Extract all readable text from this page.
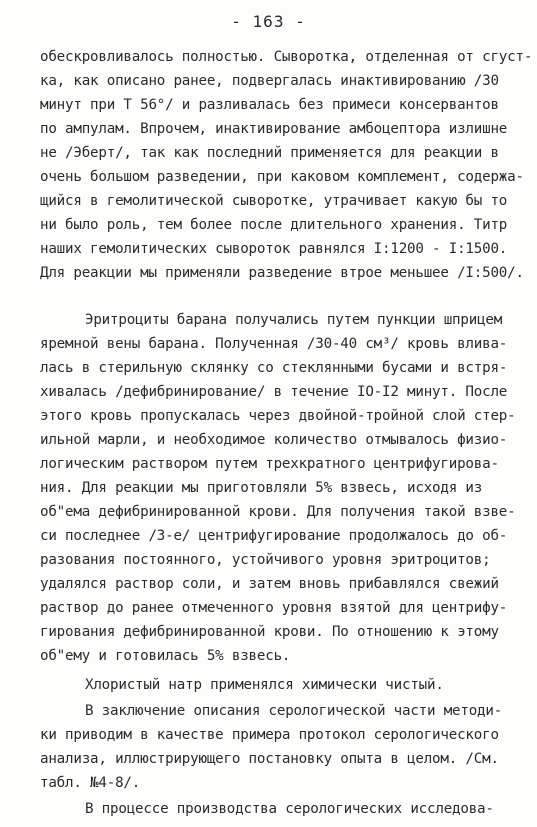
- 163 -
обескровливалось полностью. Сыворотка, отделенная от сгуст-
ка, как описано ранее, подвергалась инактивированию /30
минут при Т 56°/ и разливалась без примеси консервантов
по ампулам. Впрочем, инактивирование амбоцептора излишне
не /Эберт/, так как последний применяется для реакции в
очень большом разведении, при каковом комплемент, содержа-
щийся в гемолитической сыворотке, утрачивает какую бы то
ни было роль, тем более после длительного хранения. Титр
наших гемолитических сывороток равнялся I:1200 - I:1500.
Для реакции мы применяли разведение втрое меньшее /I:500/.
Эритроциты барана получались путем пункции шприцем
яремной вены барана. Полученная /30-40 см³/ кровь влива-
лась в стерильную склянку со стеклянными бусами и встря-
хивалась /дефибринирование/ в течение IO-I2 минут. После
этого кровь пропускалась через двойной-тройной слой стер-
ильной марли, и необходимое количество отмывалось физио-
логическим раствором путем трехкратного центрифугирова-
ния. Для реакции мы приготовляли 5% взвесь, исходя из
об"ема дефибринированной крови. Для получения такой взве-
си последнее /3-е/ центрифугирование продолжалось до об-
разования постоянного, устойчивого уровня эритроцитов;
удалялся раствор соли, и затем вновь прибавлялся свежий
раствор до ранее отмеченного уровня взятой для центрифу-
гирования дефибринированной крови. По отношению к этому
об"ему и готовилась 5% взвесь.
Хлористый натр применялся химически чистый.
В заключение описания серологической части методи-
ки приводим в качестве примера протокол серологического
анализа, иллюстрирующего постановку опыта в целом. /См.
табл. №4-8/.
В процессе производства серологических исследова-
